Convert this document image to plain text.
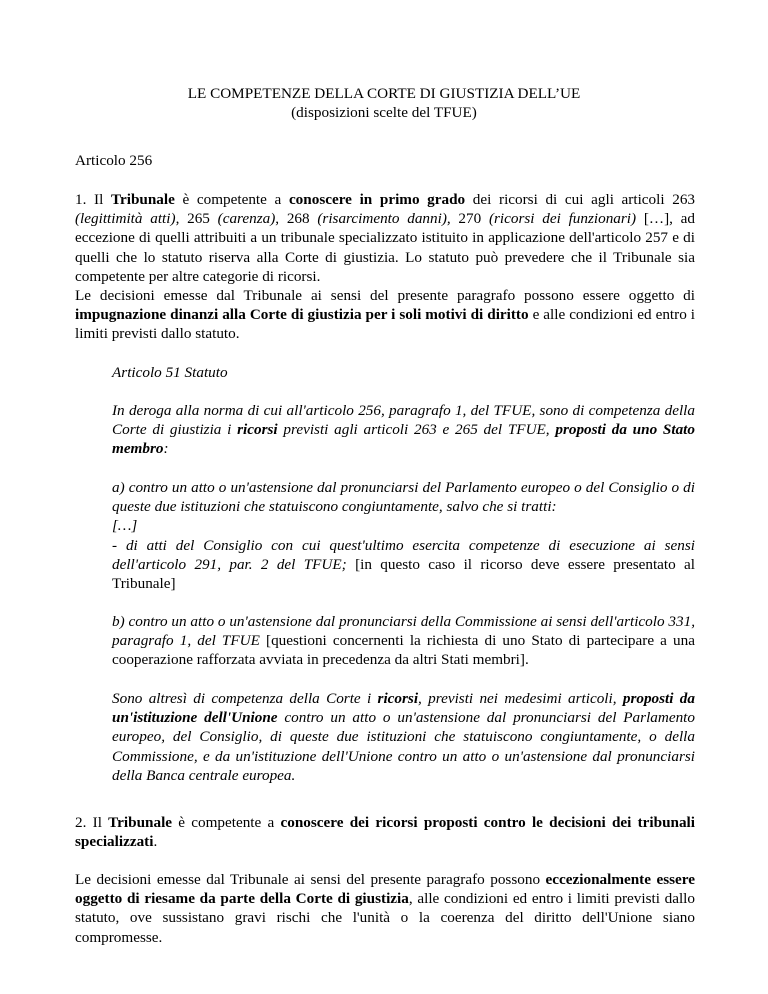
LE COMPETENZE DELLA CORTE DI GIUSTIZIA DELL’UE
(disposizioni scelte del TFUE)
Articolo 256

1. Il Tribunale è competente a conoscere in primo grado dei ricorsi di cui agli articoli 263 (legittimità atti), 265 (carenza), 268 (risarcimento danni), 270 (ricorsi dei funzionari) […], ad eccezione di quelli attribuiti a un tribunale specializzato istituito in applicazione dell'articolo 257 e di quelli che lo statuto riserva alla Corte di giustizia. Lo statuto può prevedere che il Tribunale sia competente per altre categorie di ricorsi.

Le decisioni emesse dal Tribunale ai sensi del presente paragrafo possono essere oggetto di impugnazione dinanzi alla Corte di giustizia per i soli motivi di diritto e alle condizioni ed entro i limiti previsti dallo statuto.

Articolo 51 Statuto

In deroga alla norma di cui all'articolo 256, paragrafo 1, del TFUE, sono di competenza della Corte di giustizia i ricorsi previsti agli articoli 263 e 265 del TFUE, proposti da uno Stato membro:

a) contro un atto o un'astensione dal pronunciarsi del Parlamento europeo o del Consiglio o di queste due istituzioni che statuiscono congiuntamente, salvo che si tratti:

[…]

- di atti del Consiglio con cui quest'ultimo esercita competenze di esecuzione ai sensi dell'articolo 291, par. 2 del TFUE; [in questo caso il ricorso deve essere presentato al Tribunale]

b) contro un atto o un'astensione dal pronunciarsi della Commissione ai sensi dell'articolo 331, paragrafo 1, del TFUE [questioni concernenti la richiesta di uno Stato di partecipare a una cooperazione rafforzata avviata in precedenza da altri Stati membri].

Sono altresì di competenza della Corte i ricorsi, previsti nei medesimi articoli, proposti da un'istituzione dell'Unione contro un atto o un'astensione dal pronunciarsi del Parlamento europeo, del Consiglio, di queste due istituzioni che statuiscono congiuntamente, o della Commissione, e da un'istituzione dell'Unione contro un atto o un'astensione dal pronunciarsi della Banca centrale europea.

2. Il Tribunale è competente a conoscere dei ricorsi proposti contro le decisioni dei tribunali specializzati.

Le decisioni emesse dal Tribunale ai sensi del presente paragrafo possono eccezionalmente essere oggetto di riesame da parte della Corte di giustizia, alle condizioni ed entro i limiti previsti dallo statuto, ove sussistano gravi rischi che l'unità o la coerenza del diritto dell'Unione siano compromesse.
